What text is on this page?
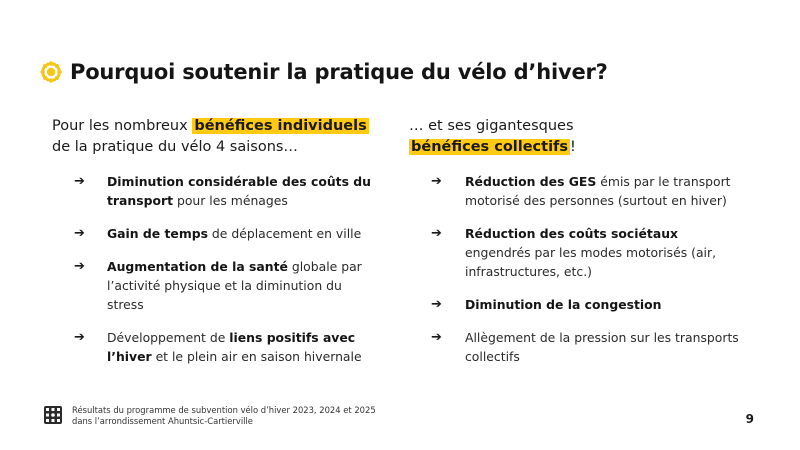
Pourquoi soutenir la pratique du vélo d’hiver?

Pour les nombreux bénéfices individuels de la pratique du vélo 4 saisons…

➔ Diminution considérable des coûts du transport pour les ménages
➔ Gain de temps de déplacement en ville
➔ Augmentation de la santé globale par l’activité physique et la diminution du stress
➔ Développement de liens positifs avec l’hiver et le plein air en saison hivernale

… et ses gigantesques
bénéfices collectifs !

➔ Réduction des GES émis par le transport motorisé des personnes (surtout en hiver)
➔ Réduction des coûts sociétaux engendrés par les modes motorisés (air, infrastructures, etc.)
➔ Diminution de la congestion
➔ Allègement de la pression sur les transports collectifs
Résultats du programme de subvention vélo d’hiver 2023, 2024 et 2025
dans l’arrondissement Ahuntsic-Cartierville	9
